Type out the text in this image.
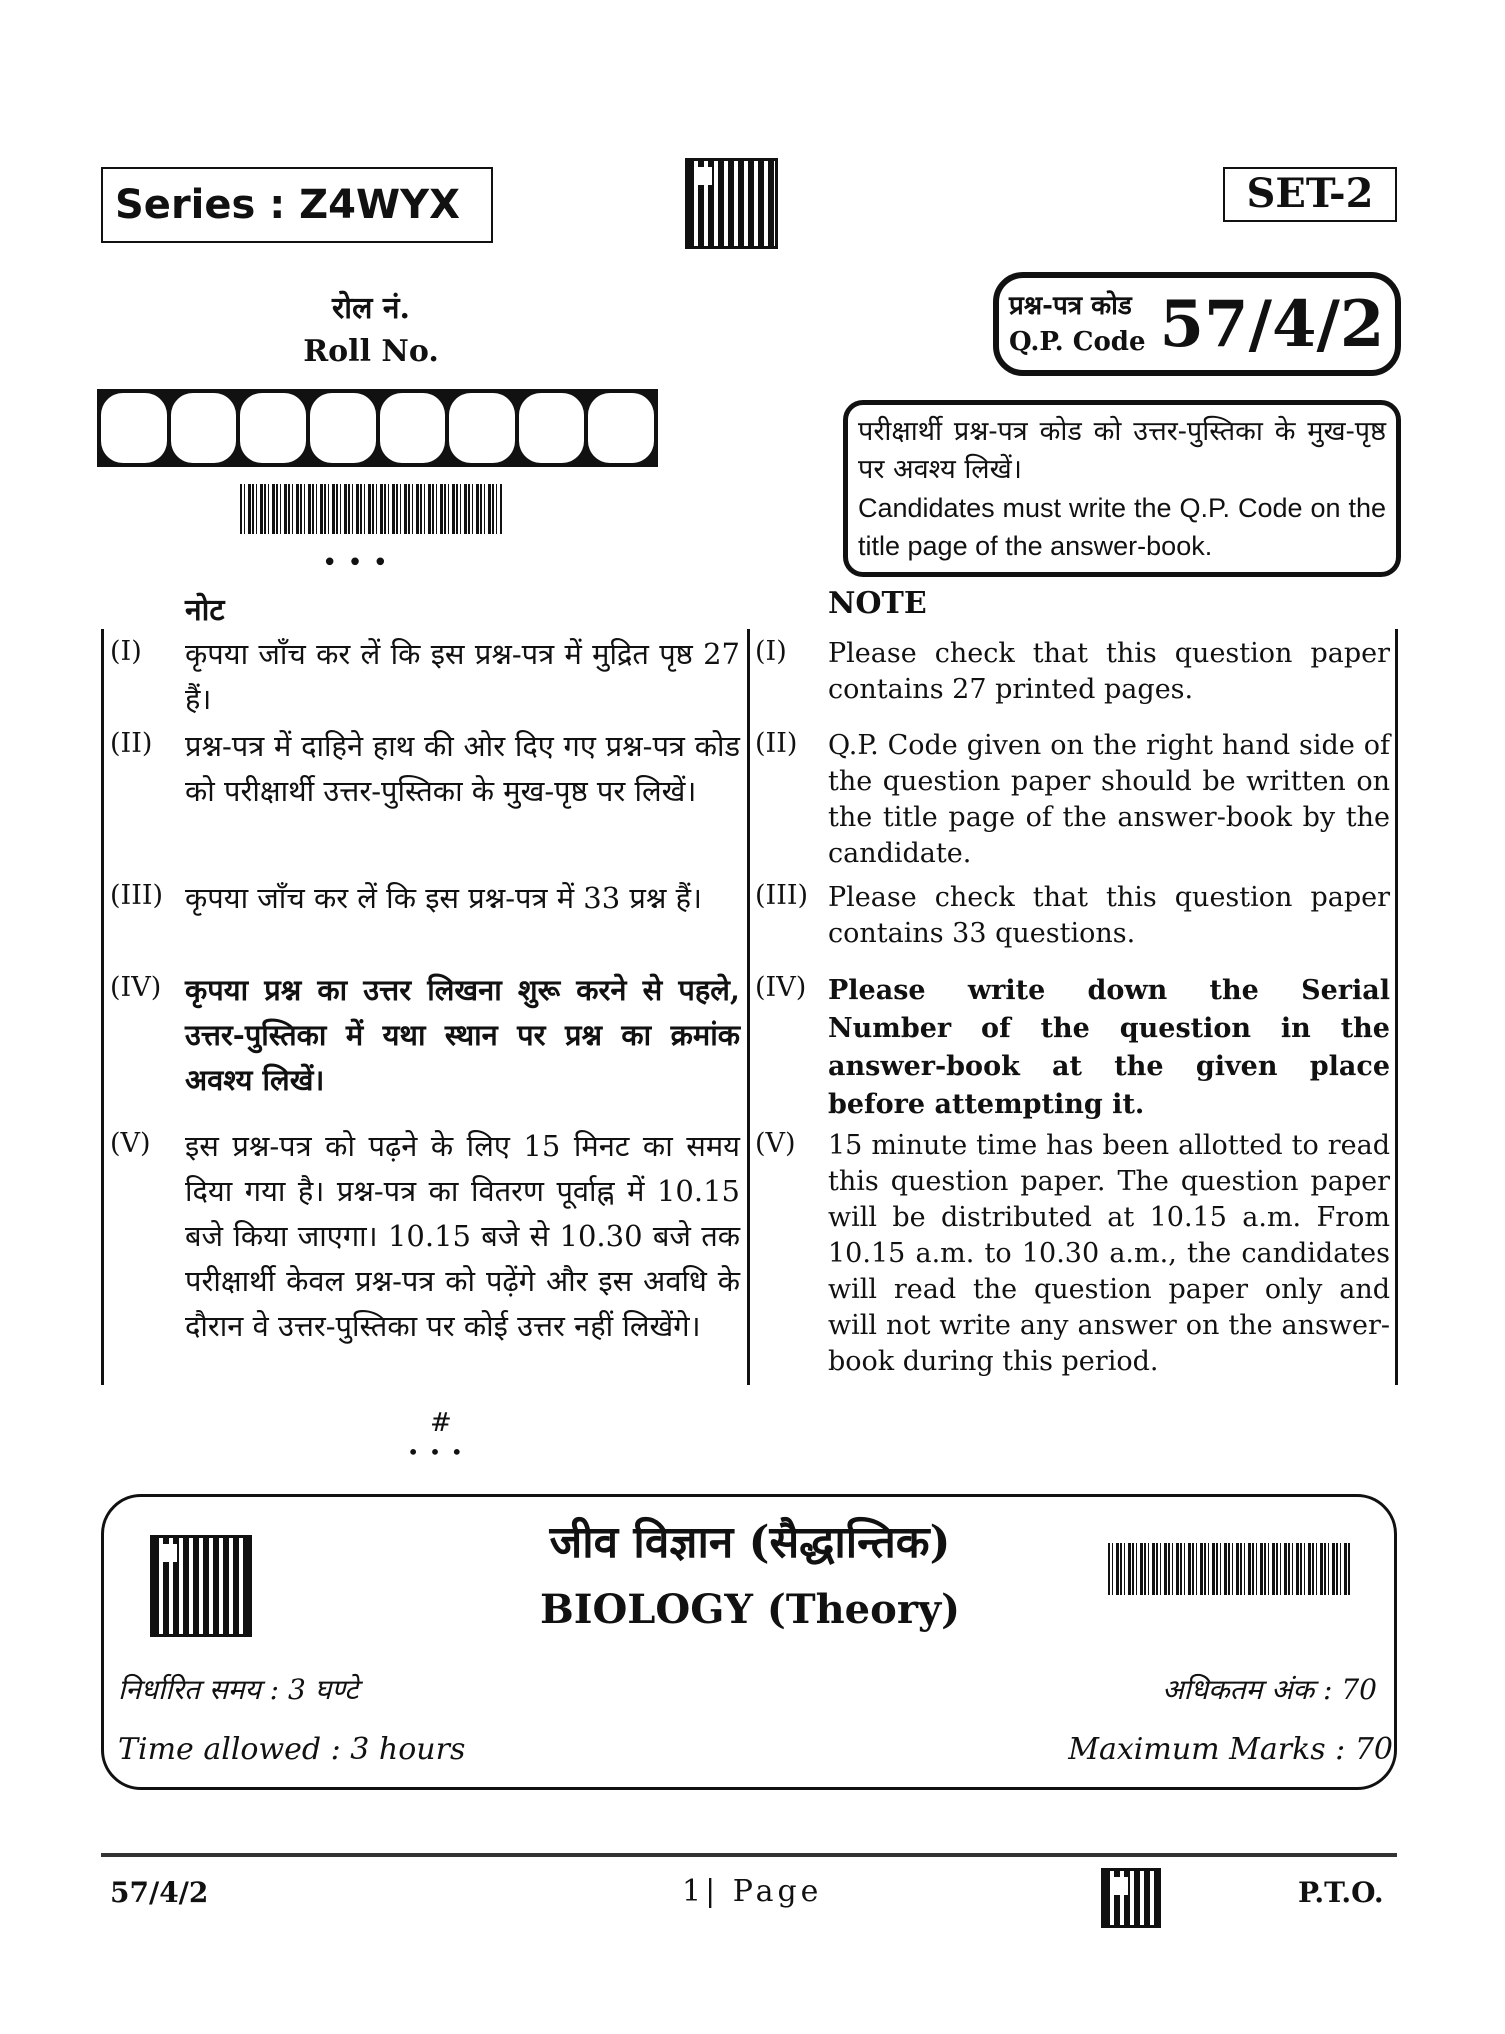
Series : Z4WYX	SET-2
रोल नं.
Roll No.
प्रश्न-पत्र कोड
Q.P. Code 57/4/2
•••
परीक्षार्थी प्रश्न-पत्र कोड को उत्तर-पुस्तिका के मुख-पृष्ठ पर अवश्य लिखें।
Candidates must write the Q.P. Code on the title page of the answer-book.
नोट	NOTE
(I) कृपया जाँच कर लें कि इस प्रश्न-पत्र में मुद्रित पृष्ठ 27 हैं।
(I) Please check that this question paper contains 27 printed pages.
(II) प्रश्न-पत्र में दाहिने हाथ की ओर दिए गए प्रश्न-पत्र कोड को परीक्षार्थी उत्तर-पुस्तिका के मुख-पृष्ठ पर लिखें।
(II) Q.P. Code given on the right hand side of the question paper should be written on the title page of the answer-book by the candidate.
(III) कृपया जाँच कर लें कि इस प्रश्न-पत्र में 33 प्रश्न हैं।	(III) Please check that this question paper contains 33 questions.
(IV) कृपया प्रश्न का उत्तर लिखना शुरू करने से पहले, उत्तर-पुस्तिका में यथा स्थान पर प्रश्न का क्रमांक अवश्य लिखें।
(IV) Please write down the Serial Number of the question in the answer-book at the given place before attempting it.
(V) इस प्रश्न-पत्र को पढ़ने के लिए 15 मिनट का समय दिया गया है। प्रश्न-पत्र का वितरण पूर्वाह्न में 10.15 बजे किया जाएगा। 10.15 बजे से 10.30 बजे तक परीक्षार्थी केवल प्रश्न-पत्र को पढ़ेंगे और इस अवधि के दौरान वे उत्तर-पुस्तिका पर कोई उत्तर नहीं लिखेंगे।
(V) 15 minute time has been allotted to read this question paper. The question paper will be distributed at 10.15 a.m. From 10.15 a.m. to 10.30 a.m., the candidates will read the question paper only and will not write any answer on the answer-book during this period.
#
•••
जीव विज्ञान (सैद्धान्तिक)
BIOLOGY (Theory)
निर्धारित समय : 3 घण्टे
Time allowed : 3 hours
अधिकतम अंक : 70
Maximum Marks : 70
57/4/2	1| Page	P.T.O.
